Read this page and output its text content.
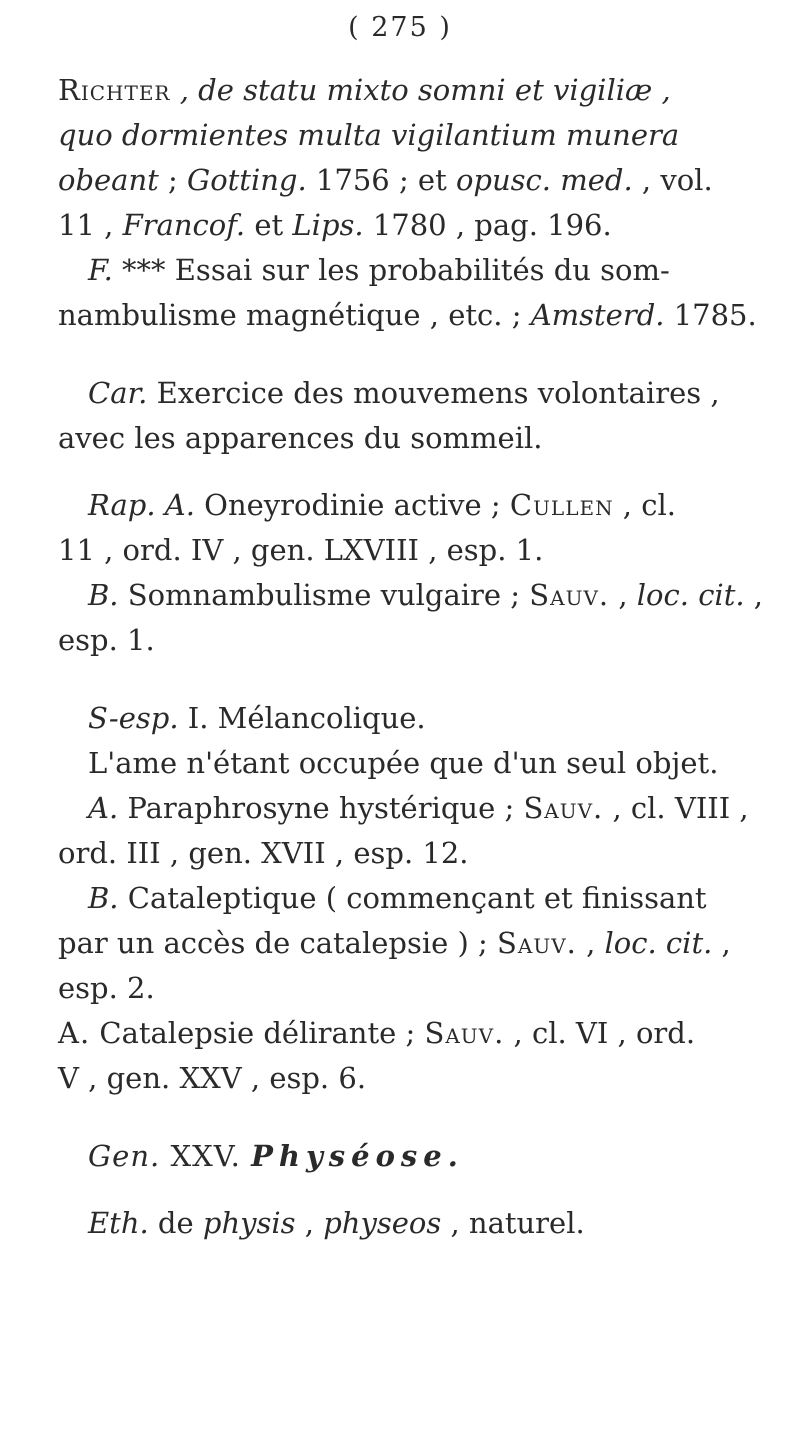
( 275 )
Richter , de statu mixto somni et vigiliæ ,
quo dormientes multa vigilantium munera
obeant ; Gotting. 1756 ; et opusc. med. , vol.
11 , Francof. et Lips. 1780 , pag. 196.
F. *** Essai sur les probabilités du som-
nambulisme magnétique , etc. ; Amsterd. 1785.
Car. Exercice des mouvemens volontaires ,
avec les apparences du sommeil.
Rap. A. Oneyrodinie active ; Cullen , cl.
11 , ord. IV , gen. LXVIII , esp. 1.
B. Somnambulisme vulgaire ; Sauv. , loc. cit. ,
esp. 1.
S-esp. I. Mélancolique.
L'ame n'étant occupée que d'un seul objet.
A. Paraphrosyne hystérique ; Sauv. , cl. VIII ,
ord. III , gen. XVII , esp. 12.
B. Cataleptique ( commençant et finissant
par un accès de catalepsie ) ; Sauv. , loc. cit. ,
esp. 2.
A. Catalepsie délirante ; Sauv. , cl. VI , ord.
V , gen. XXV , esp. 6.
Gen. XXV. Physéose.
Eth. de physis , physeos , naturel.
